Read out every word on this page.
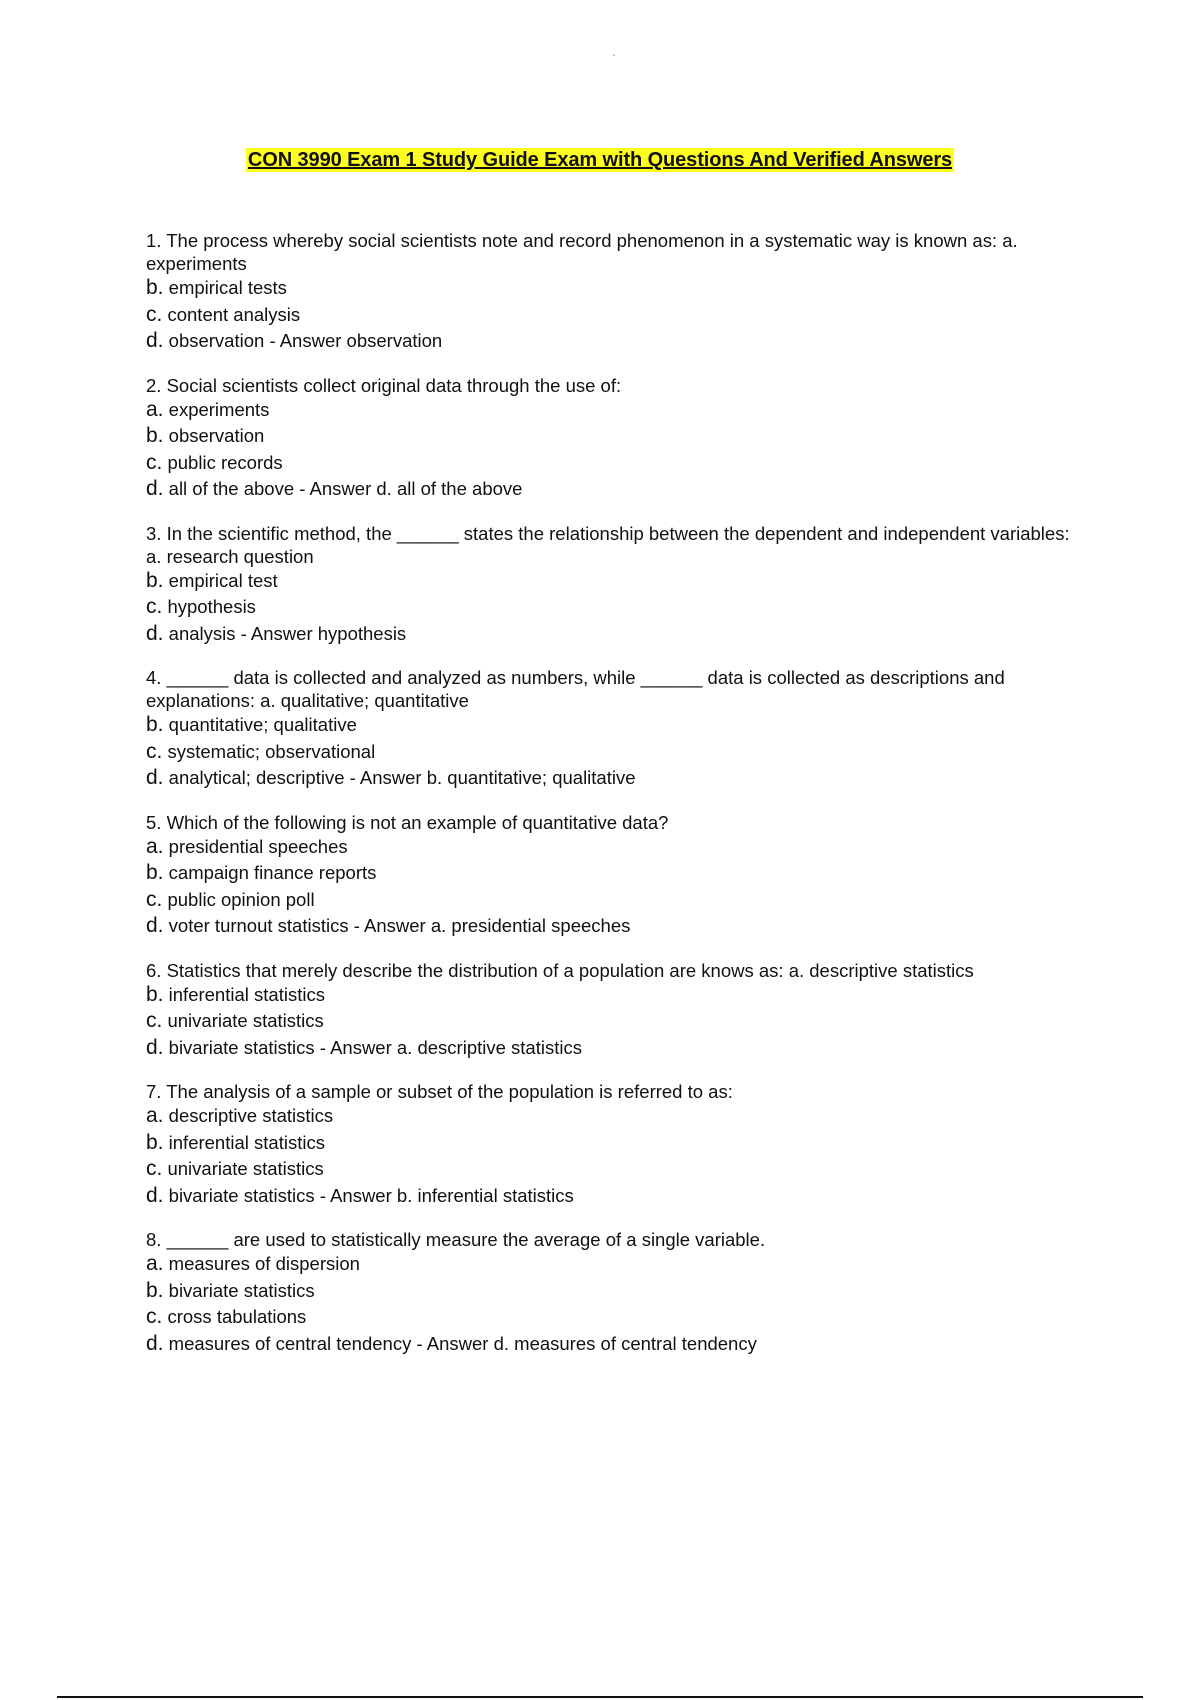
CON 3990 Exam 1 Study Guide Exam with Questions And Verified Answers
1. The process whereby social scientists note and record phenomenon in a systematic way is known as: a. experiments
b. empirical tests
c. content analysis
d. observation - Answer observation
2. Social scientists collect original data through the use of:
a. experiments
b. observation
c. public records
d. all of the above - Answer d. all of the above
3. In the scientific method, the ______ states the relationship between the dependent and independent variables: a. research question
b. empirical test
c. hypothesis
d. analysis - Answer hypothesis
4. ______ data is collected and analyzed as numbers, while ______ data is collected as descriptions and explanations: a. qualitative; quantitative
b. quantitative; qualitative
c. systematic; observational
d. analytical; descriptive - Answer b. quantitative; qualitative
5. Which of the following is not an example of quantitative data?
a. presidential speeches
b. campaign finance reports
c. public opinion poll
d. voter turnout statistics - Answer a. presidential speeches
6. Statistics that merely describe the distribution of a population are knows as: a. descriptive statistics
b. inferential statistics
c. univariate statistics
d. bivariate statistics - Answer a. descriptive statistics
7. The analysis of a sample or subset of the population is referred to as:
a. descriptive statistics
b. inferential statistics
c. univariate statistics
d. bivariate statistics - Answer b. inferential statistics
8. ______ are used to statistically measure the average of a single variable.
a. measures of dispersion
b. bivariate statistics
c. cross tabulations
d. measures of central tendency - Answer d. measures of central tendency
